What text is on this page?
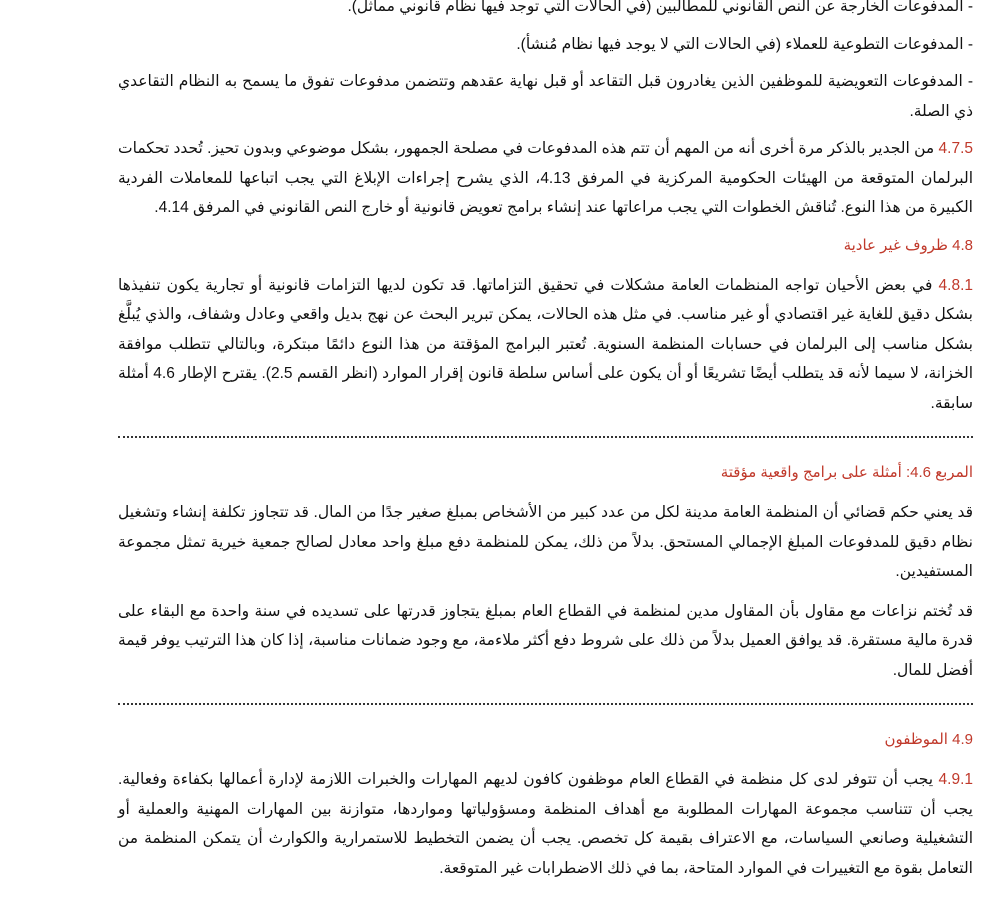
- المدفوعات الخارجة عن النص القانوني للمطالبين (في الحالات التي توجد فيها نظام قانوني مماثل).

- المدفوعات التطوعية للعملاء (في الحالات التي لا يوجد فيها نظام مُنشأ).

- المدفوعات التعويضية للموظفين الذين يغادرون قبل التقاعد أو قبل نهاية عقدهم وتتضمن مدفوعات تفوق ما يسمح به النظام التقاعدي ذي الصلة.

4.7.5 من الجدير بالذكر مرة أخرى أنه من المهم أن تتم هذه المدفوعات في مصلحة الجمهور، بشكل موضوعي وبدون تحيز. تُحدد تحكمات البرلمان المتوقعة من الهيئات الحكومية المركزية في المرفق 4.13، الذي يشرح إجراءات الإبلاغ التي يجب اتباعها للمعاملات الفردية الكبيرة من هذا النوع. تُناقش الخطوات التي يجب مراعاتها عند إنشاء برامج تعويض قانونية أو خارج النص القانوني في المرفق 4.14.

4.8 ظروف غير عادية

4.8.1 في بعض الأحيان تواجه المنظمات العامة مشكلات في تحقيق التزاماتها. قد تكون لديها التزامات قانونية أو تجارية يكون تنفيذها بشكل دقيق للغاية غير اقتصادي أو غير مناسب. في مثل هذه الحالات، يمكن تبرير البحث عن نهج بديل واقعي وعادل وشفاف، والذي يُبلَّغ بشكل مناسب إلى البرلمان في حسابات المنظمة السنوية. تُعتبر البرامج المؤقتة من هذا النوع دائمًا مبتكرة، وبالتالي تتطلب موافقة الخزانة، لا سيما لأنه قد يتطلب أيضًا تشريعًا أو أن يكون على أساس سلطة قانون إقرار الموارد (انظر القسم 2.5). يقترح الإطار 4.6 أمثلة سابقة.

المربع 4.6: أمثلة على برامج واقعية مؤقتة

قد يعني حكم قضائي أن المنظمة العامة مدينة لكل من عدد كبير من الأشخاص بمبلغ صغير جدًا من المال. قد تتجاوز تكلفة إنشاء وتشغيل نظام دقيق للمدفوعات المبلغ الإجمالي المستحق. بدلاً من ذلك، يمكن للمنظمة دفع مبلغ واحد معادل لصالح جمعية خيرية تمثل مجموعة المستفيدين.

قد تُختم نزاعات مع مقاول بأن المقاول مدين لمنظمة في القطاع العام بمبلغ يتجاوز قدرتها على تسديده في سنة واحدة مع البقاء على قدرة مالية مستقرة. قد يوافق العميل بدلاً من ذلك على شروط دفع أكثر ملاءمة، مع وجود ضمانات مناسبة، إذا كان هذا الترتيب يوفر قيمة أفضل للمال.

4.9 الموظفون

4.9.1 يجب أن تتوفر لدى كل منظمة في القطاع العام موظفون كافون لديهم المهارات والخبرات اللازمة لإدارة أعمالها بكفاءة وفعالية. يجب أن تتناسب مجموعة المهارات المطلوبة مع أهداف المنظمة ومسؤولياتها ومواردها، متوازنة بين المهارات المهنية والعملية أو التشغيلية وصانعي السياسات، مع الاعتراف بقيمة كل تخصص. يجب أن يضمن التخطيط للاستمرارية والكوارث أن يتمكن المنظمة من التعامل بقوة مع التغييرات في الموارد المتاحة، بما في ذلك الاضطرابات غير المتوقعة.
